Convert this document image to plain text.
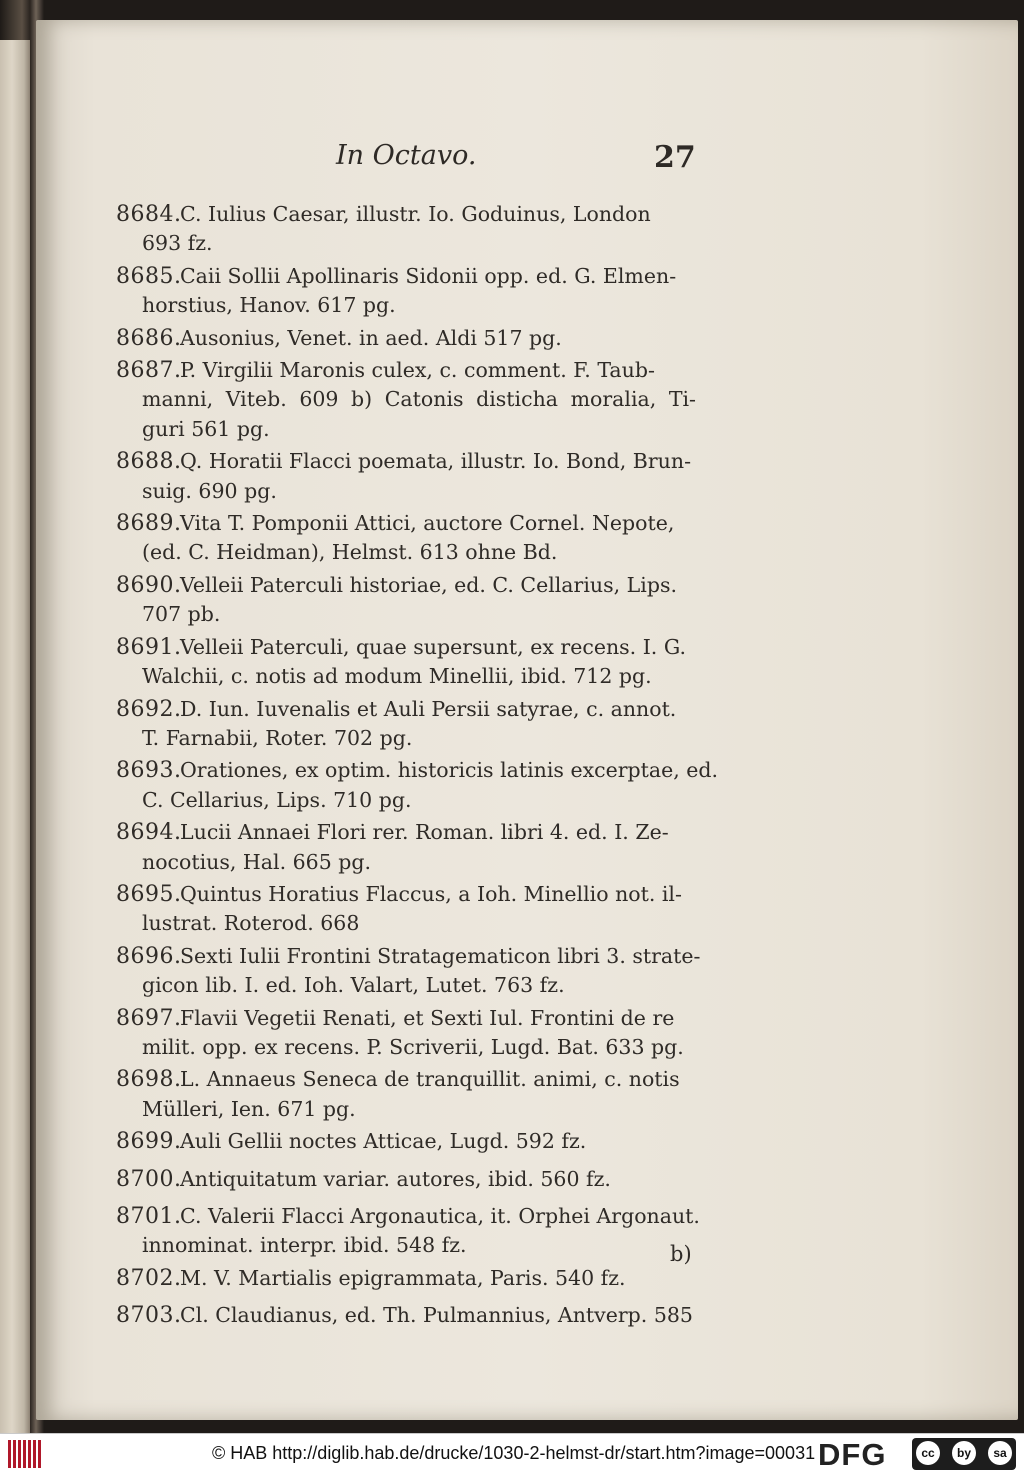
In Octavo.	27
8684.C. Iulius Caesar, illustr. Io. Goduinus, London
693 fz.
8685.Caii Sollii Apollinaris Sidonii opp. ed. G. Elmen-
horstius, Hanov. 617 pg.
8686.Ausonius, Venet. in aed. Aldi 517 pg.
8687.P. Virgilii Maronis culex, c. comment. F. Taub-
manni, Viteb. 609 b) Catonis disticha moralia, Ti- guri 561 pg.
8688.Q. Horatii Flacci poemata, illustr. Io. Bond, Brun-
suig. 690 pg.
8689.Vita T. Pomponii Attici, auctore Cornel. Nepote,
(ed. C. Heidman), Helmst. 613 ohne Bd.
8690.Velleii Paterculi historiae, ed. C. Cellarius, Lips.
707 pb.
8691.Velleii Paterculi, quae supersunt, ex recens. I. G.
Walchii, c. notis ad modum Minellii, ibid. 712 pg.
8692.D. Iun. Iuvenalis et Auli Persii satyrae, c. annot.
T. Farnabii, Roter. 702 pg.
8693.Orationes, ex optim. historicis latinis excerptae, ed.
C. Cellarius, Lips. 710 pg.
8694.Lucii Annaei Flori rer. Roman. libri 4. ed. I. Ze-
nocotius, Hal. 665 pg.
8695.Quintus Horatius Flaccus, a Ioh. Minellio not. il-
lustrat. Roterod. 668
8696.Sexti Iulii Frontini Stratagematicon libri 3. strate-
gicon lib. I. ed. Ioh. Valart, Lutet. 763 fz.
8697.Flavii Vegetii Renati, et Sexti Iul. Frontini de re
milit. opp. ex recens. P. Scriverii, Lugd. Bat. 633 pg.
8698.L. Annaeus Seneca de tranquillit. animi, c. notis
Mülleri, Ien. 671 pg.
8699.Auli Gellii noctes Atticae, Lugd. 592 fz.
8700.Antiquitatum variar. autores, ibid. 560 fz.
8701.C. Valerii Flacci Argonautica, it. Orphei Argonaut.
innominat. interpr. ibid. 548 fz.
8702.M. V. Martialis epigrammata, Paris. 540 fz.
8703.Cl. Claudianus, ed. Th. Pulmannius, Antverp. 585
b)
© HAB http://diglib.hab.de/drucke/1030-2-helmst-dr/start.htm?image=00031 DFG	cc	by	sa
